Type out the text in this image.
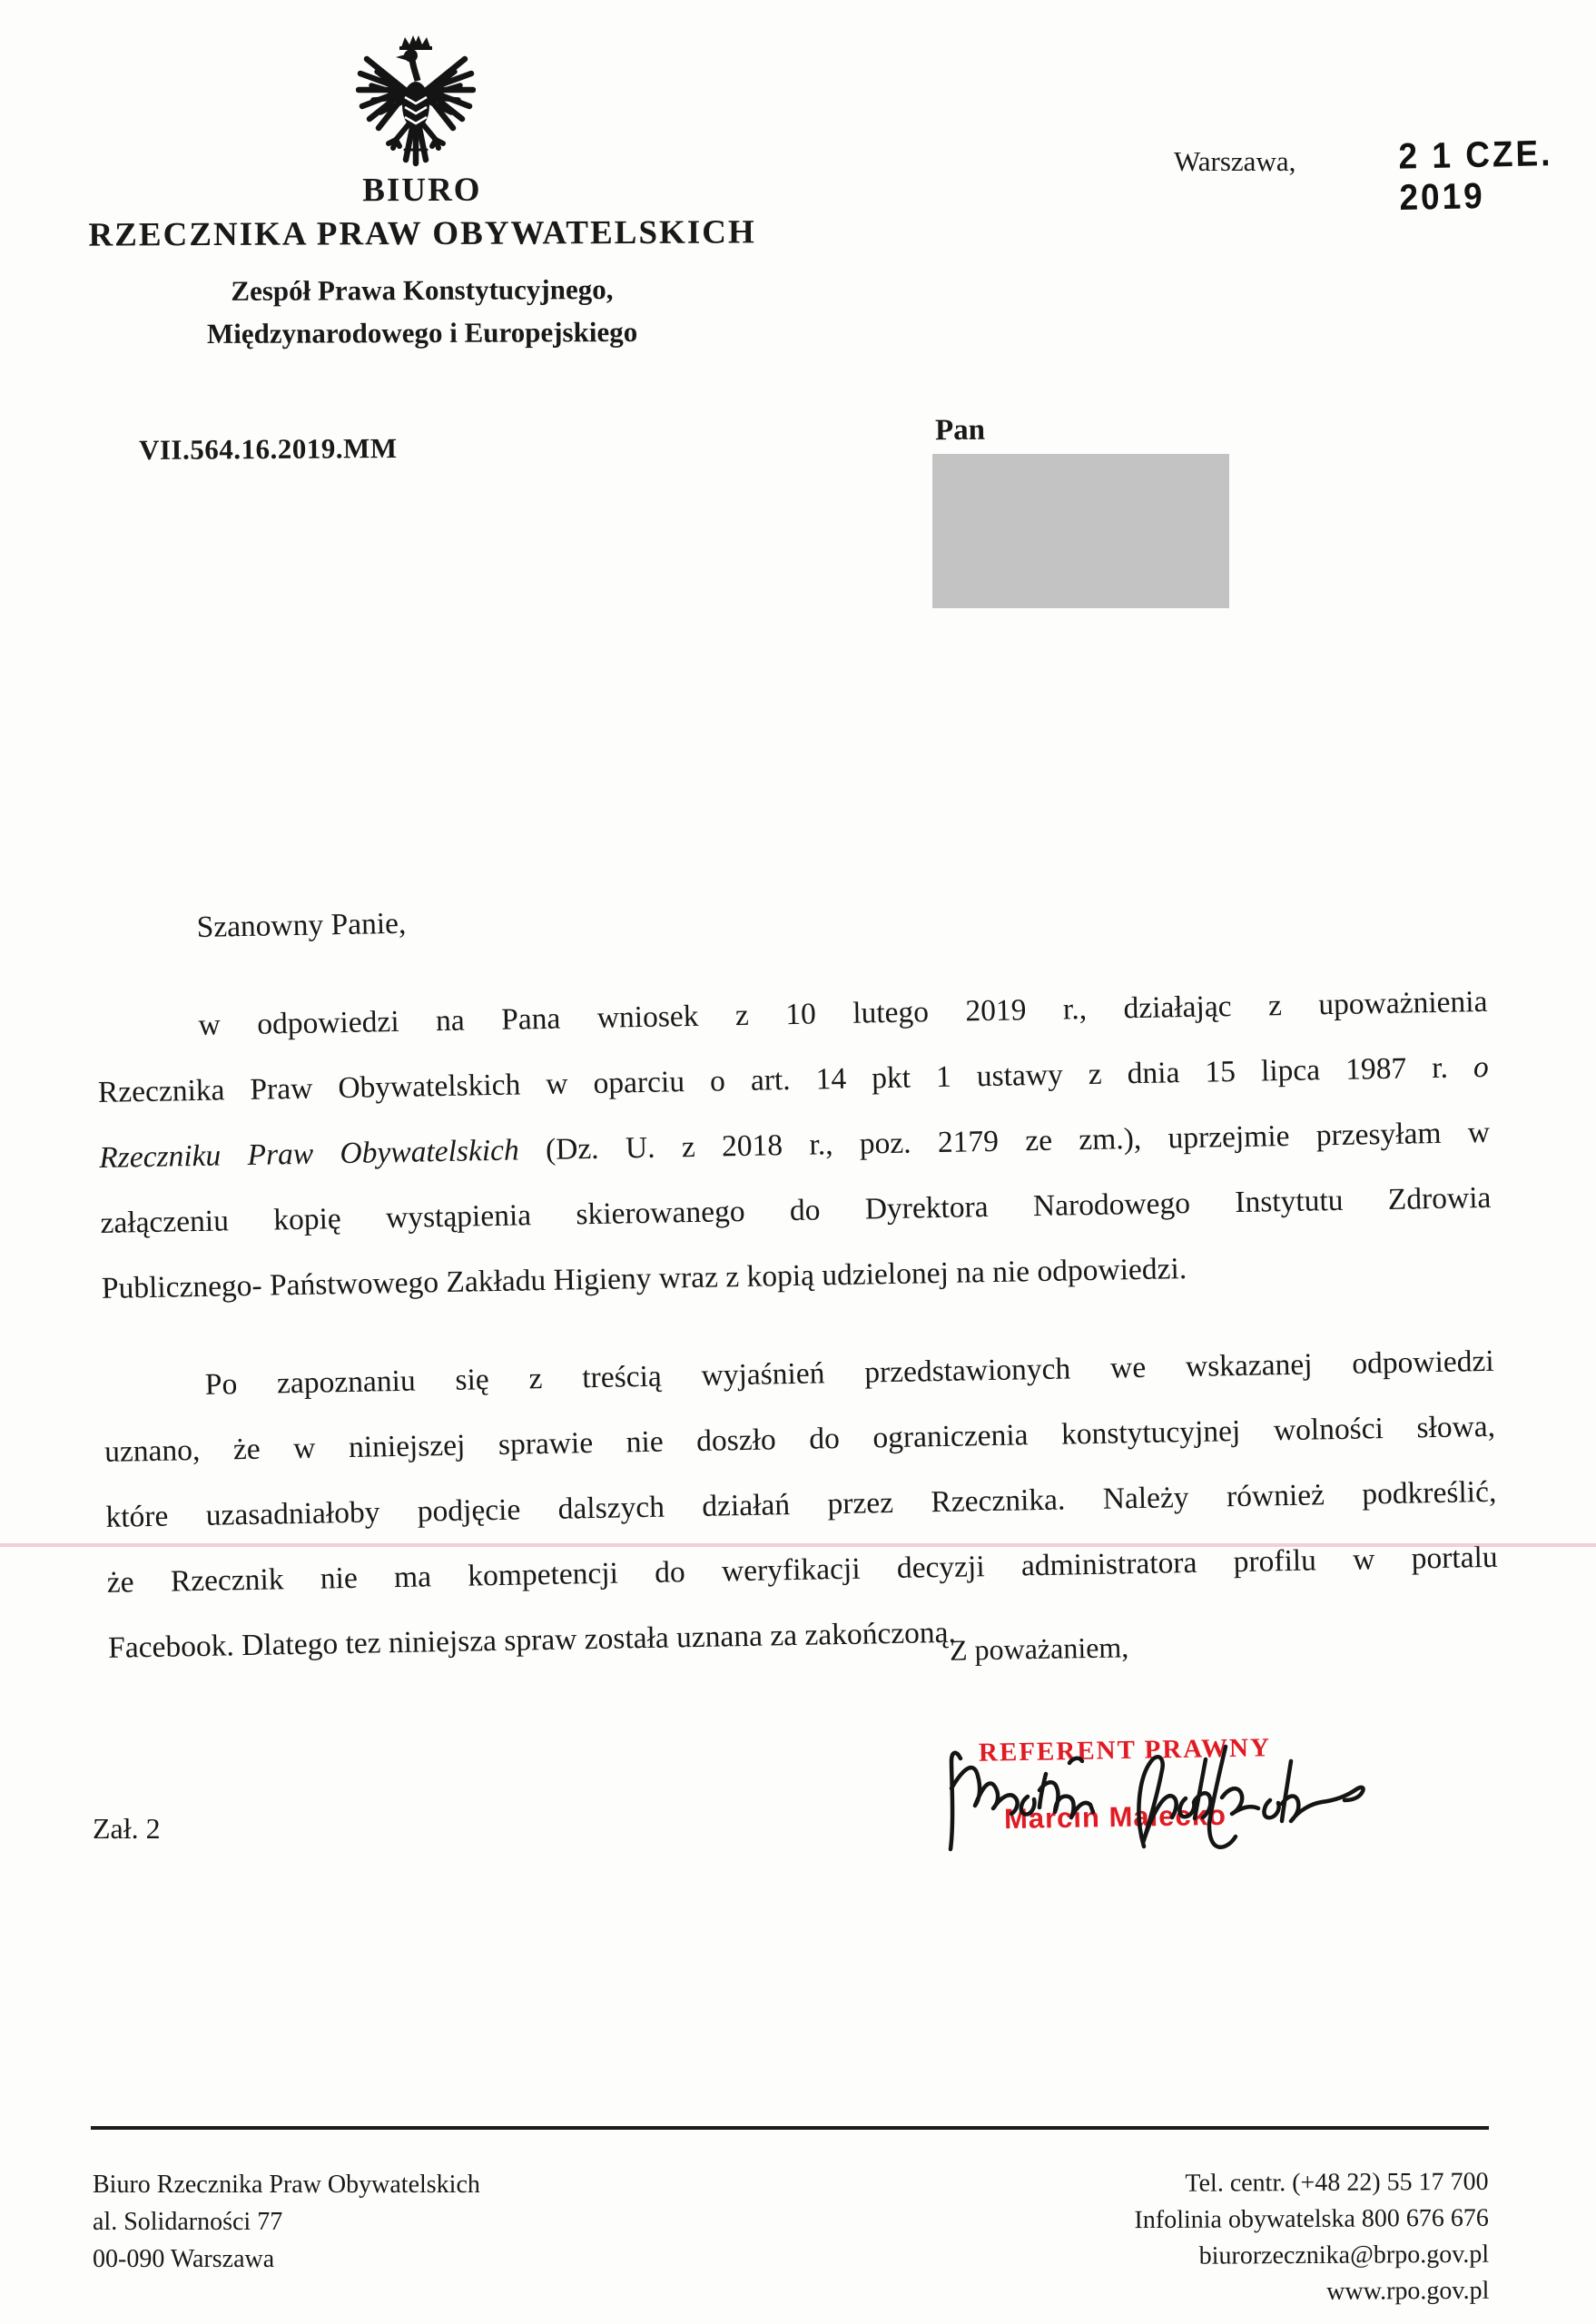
BIURO
RZECZNIKA PRAW OBYWATELSKICH
Zespół Prawa Konstytucyjnego,
Międzynarodowego i Europejskiego
Warszawa,	2 1 CZE. 2019
VII.564.16.2019.MM
Pan
Szanowny Panie,
w odpowiedzi na Pana wniosek z 10 lutego 2019 r., działając z upoważnienia
Rzecznika Praw Obywatelskich w oparciu o art. 14 pkt 1 ustawy z dnia 15 lipca 1987 r. o
Rzeczniku Praw Obywatelskich (Dz. U. z 2018 r., poz. 2179 ze zm.), uprzejmie przesyłam w
załączeniu kopię wystąpienia skierowanego do Dyrektora Narodowego Instytutu Zdrowia
Publicznego- Państwowego Zakładu Higieny wraz z kopią udzielonej na nie odpowiedzi.
Po zapoznaniu się z treścią wyjaśnień przedstawionych we wskazanej odpowiedzi
uznano, że w niniejszej sprawie nie doszło do ograniczenia konstytucyjnej wolności słowa,
które uzasadniałoby podjęcie dalszych działań przez Rzecznika. Należy również podkreślić,
że Rzecznik nie ma kompetencji do weryfikacji decyzji administratora profilu w portalu
Facebook. Dlatego tez niniejsza spraw została uznana za zakończoną.
Z poważaniem,
REFERENT PRAWNY
Marcin Malecko
Zał. 2
Biuro Rzecznika Praw Obywatelskich
al. Solidarności 77
00-090 Warszawa
Tel. centr. (+48 22) 55 17 700
Infolinia obywatelska 800 676 676
biurorzecznika@brpo.gov.pl
www.rpo.gov.pl
